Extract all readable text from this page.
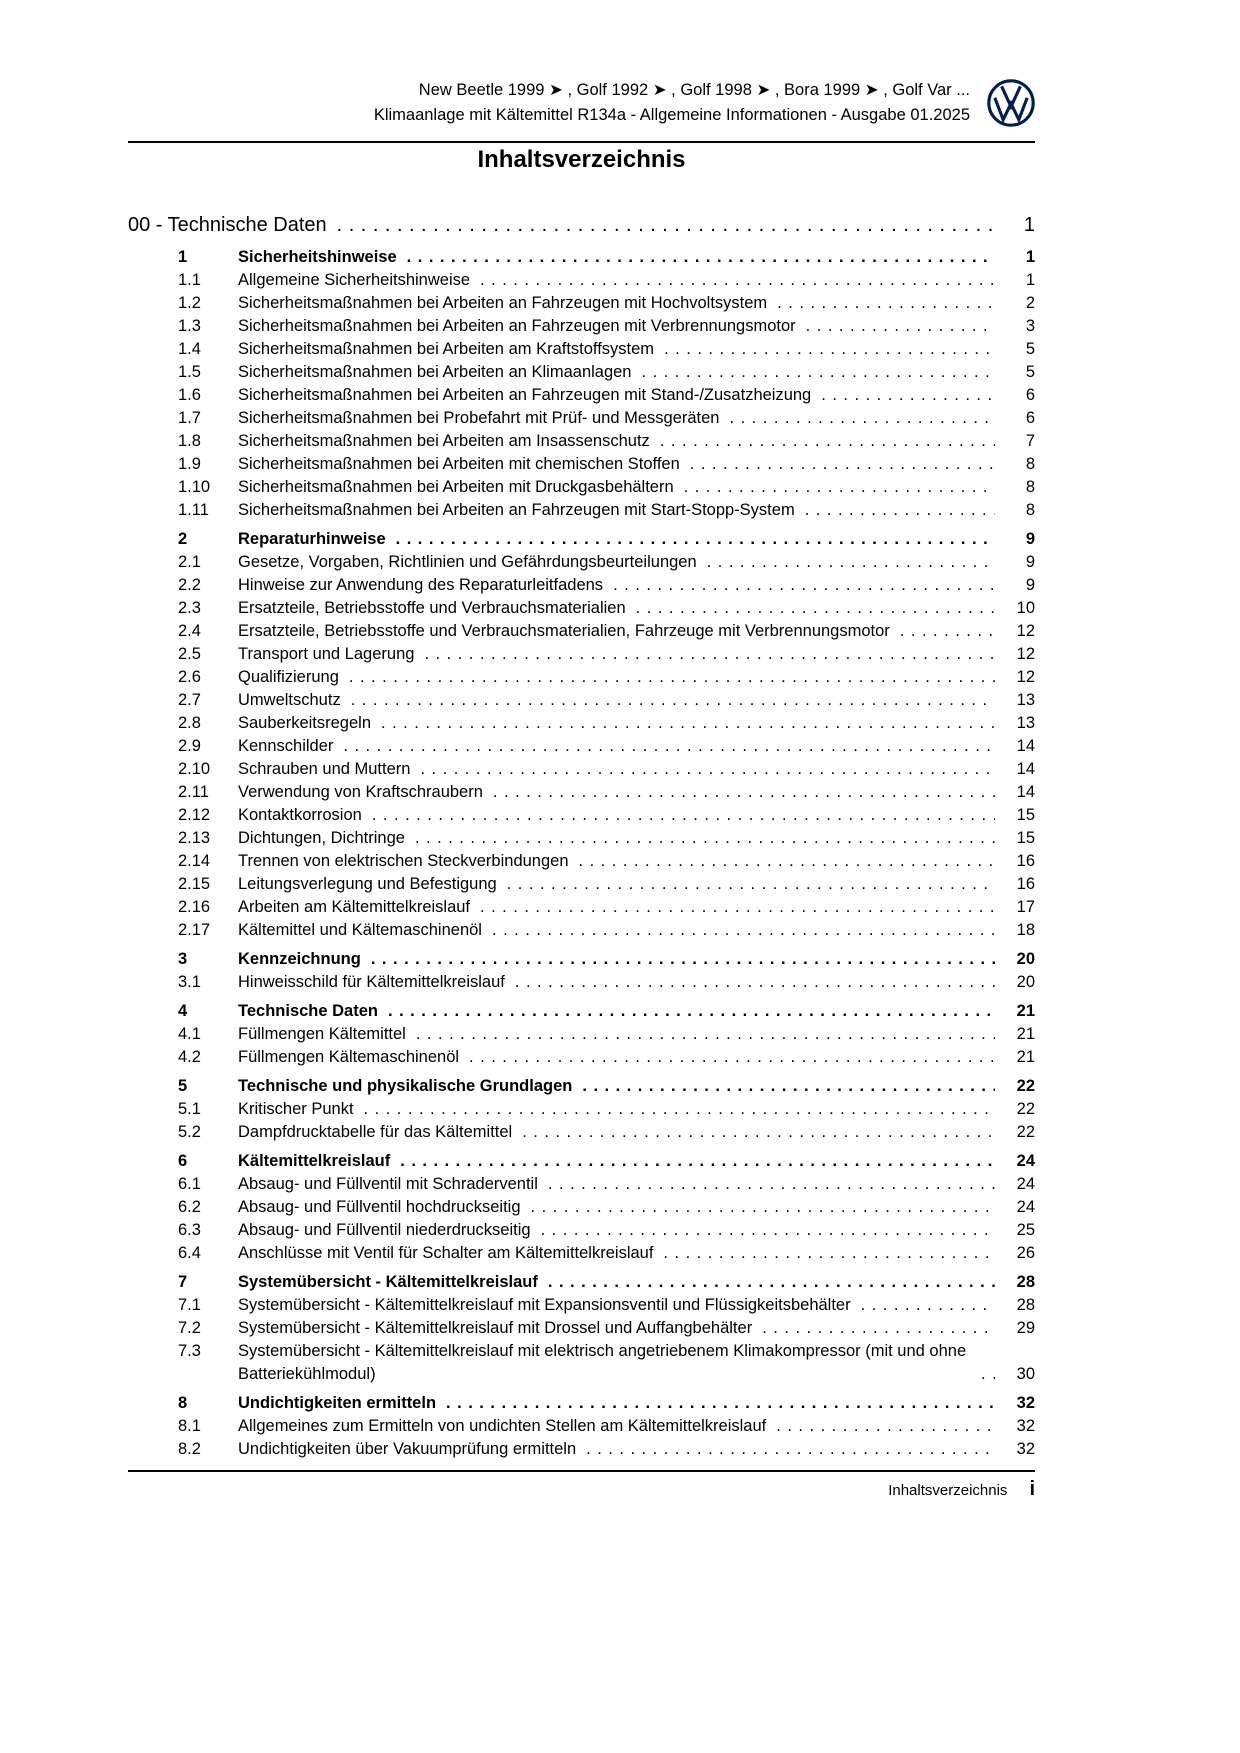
New Beetle 1999 ➤ , Golf 1992 ➤ , Golf 1998 ➤ , Bora 1999 ➤ , Golf Var ...
Klimaanlage mit Kältemittel R134a - Allgemeine Informationen - Ausgabe 01.2025
Inhaltsverzeichnis
00 - Technische Daten .....	1
1	Sicherheitshinweise .....	1
1.1	Allgemeine Sicherheitshinweise .....	1
1.2	Sicherheitsmaßnahmen bei Arbeiten an Fahrzeugen mit Hochvoltsystem .....	2
1.3	Sicherheitsmaßnahmen bei Arbeiten an Fahrzeugen mit Verbrennungsmotor .....	3
1.4	Sicherheitsmaßnahmen bei Arbeiten am Kraftstoffsystem .....	5
1.5	Sicherheitsmaßnahmen bei Arbeiten an Klimaanlagen .....	5
1.6	Sicherheitsmaßnahmen bei Arbeiten an Fahrzeugen mit Stand-/Zusatzheizung .....	6
1.7	Sicherheitsmaßnahmen bei Probefahrt mit Prüf- und Messgeräten .....	6
1.8	Sicherheitsmaßnahmen bei Arbeiten am Insassenschutz .....	7
1.9	Sicherheitsmaßnahmen bei Arbeiten mit chemischen Stoffen .....	8
1.10	Sicherheitsmaßnahmen bei Arbeiten mit Druckgasbehältern .....	8
1.11	Sicherheitsmaßnahmen bei Arbeiten an Fahrzeugen mit Start-Stopp-System .....	8
2	Reparaturhinweise .....	9
2.1	Gesetze, Vorgaben, Richtlinien und Gefährdungsbeurteilungen .....	9
2.2	Hinweise zur Anwendung des Reparaturleitfadens .....	9
2.3	Ersatzteile, Betriebsstoffe und Verbrauchsmaterialien .....	10
2.4	Ersatzteile, Betriebsstoffe und Verbrauchsmaterialien, Fahrzeuge mit Verbrennungsmotor .....	12
2.5	Transport und Lagerung .....	12
2.6	Qualifizierung .....	12
2.7	Umweltschutz .....	13
2.8	Sauberkeitsregeln .....	13
2.9	Kennschilder .....	14
2.10	Schrauben und Muttern .....	14
2.11	Verwendung von Kraftschraubern .....	14
2.12	Kontaktkorrosion .....	15
2.13	Dichtungen, Dichtringe .....	15
2.14	Trennen von elektrischen Steckverbindungen .....	16
2.15	Leitungsverlegung und Befestigung .....	16
2.16	Arbeiten am Kältemittelkreislauf .....	17
2.17	Kältemittel und Kältemaschinenöl .....	18
3	Kennzeichnung .....	20
3.1	Hinweisschild für Kältemittelkreislauf .....	20
4	Technische Daten .....	21
4.1	Füllmengen Kältemittel .....	21
4.2	Füllmengen Kältemaschinenöl .....	21
5	Technische und physikalische Grundlagen .....	22
5.1	Kritischer Punkt .....	22
5.2	Dampfdrucktabelle für das Kältemittel .....	22
6	Kältemittelkreislauf .....	24
6.1	Absaug- und Füllventil mit Schraderventil .....	24
6.2	Absaug- und Füllventil hochdruckseitig .....	24
6.3	Absaug- und Füllventil niederdruckseitig .....	25
6.4	Anschlüsse mit Ventil für Schalter am Kältemittelkreislauf .....	26
7	Systemübersicht - Kältemittelkreislauf .....	28
7.1	Systemübersicht - Kältemittelkreislauf mit Expansionsventil und Flüssigkeitsbehälter .....	28
7.2	Systemübersicht - Kältemittelkreislauf mit Drossel und Auffangbehälter .....	29
7.3	Systemübersicht - Kältemittelkreislauf mit elektrisch angetriebenem Klimakompressor (mit und ohne Batteriekühlmodul) .....	30
8	Undichtigkeiten ermitteln .....	32
8.1	Allgemeines zum Ermitteln von undichten Stellen am Kältemittelkreislauf .....	32
8.2	Undichtigkeiten über Vakuumprüfung ermitteln .....	32
Inhaltsverzeichnis i
